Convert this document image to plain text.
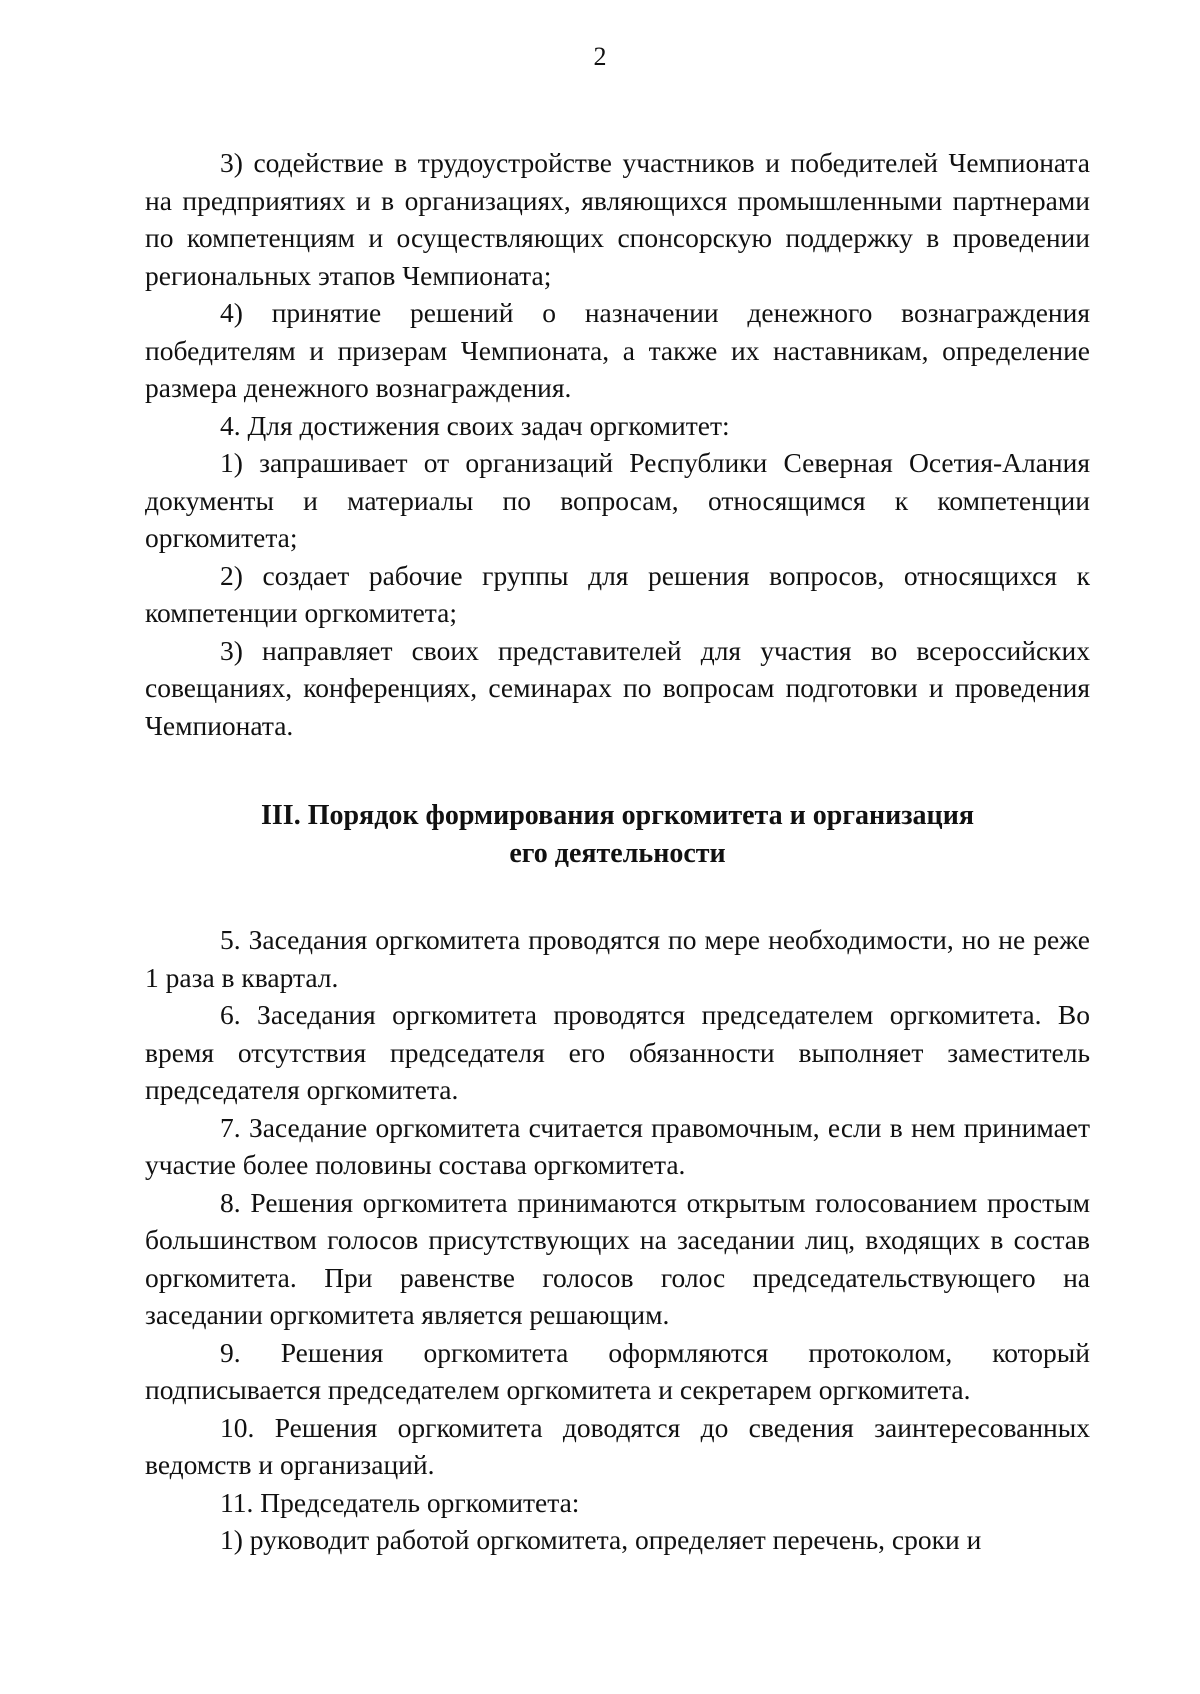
2

3) содействие в трудоустройстве участников и победителей Чемпионата на предприятиях и в организациях, являющихся промышленными партнерами по компетенциям и осуществляющих спонсорскую поддержку в проведении региональных этапов Чемпионата;

4) принятие решений о назначении денежного вознаграждения победителям и призерам Чемпионата, а также их наставникам, определение размера денежного вознаграждения.

4. Для достижения своих задач оргкомитет:

1) запрашивает от организаций Республики Северная Осетия-Алания документы и материалы по вопросам, относящимся к компетенции оргкомитета;

2) создает рабочие группы для решения вопросов, относящихся к компетенции оргкомитета;

3) направляет своих представителей для участия во всероссийских совещаниях, конференциях, семинарах по вопросам подготовки и проведения Чемпионата.

III. Порядок формирования оргкомитета и организация
его деятельности

5. Заседания оргкомитета проводятся по мере необходимости, но не реже 1 раза в квартал.

6. Заседания оргкомитета проводятся председателем оргкомитета. Во время отсутствия председателя его обязанности выполняет заместитель председателя оргкомитета.

7. Заседание оргкомитета считается правомочным, если в нем принимает участие более половины состава оргкомитета.

8. Решения оргкомитета принимаются открытым голосованием простым большинством голосов присутствующих на заседании лиц, входящих в состав оргкомитета. При равенстве голосов голос председательствующего на заседании оргкомитета является решающим.

9. Решения оргкомитета оформляются протоколом, который подписывается председателем оргкомитета и секретарем оргкомитета.

10. Решения оргкомитета доводятся до сведения заинтересованных ведомств и организаций.

11. Председатель оргкомитета:

1) руководит работой оргкомитета, определяет перечень, сроки и
